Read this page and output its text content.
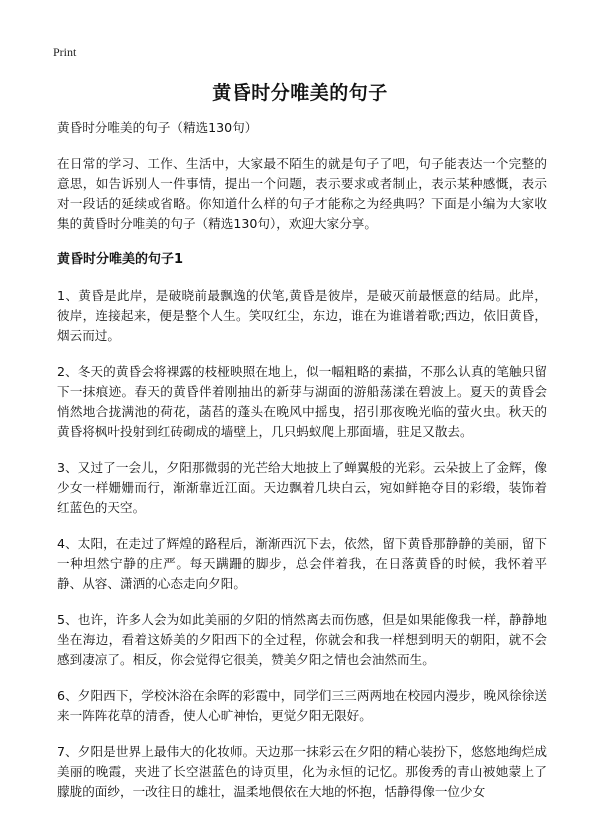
Print
黄昏时分唯美的句子

黄昏时分唯美的句子（精选130句）

在日常的学习、工作、生活中，大家最不陌生的就是句子了吧，句子能表达一个完整的意思，如告诉别人一件事情，提出一个问题，表示要求或者制止，表示某种感慨，表示对一段话的延续或省略。你知道什么样的句子才能称之为经典吗？下面是小编为大家收集的黄昏时分唯美的句子（精选130句），欢迎大家分享。

黄昏时分唯美的句子1

1、黄昏是此岸，是破晓前最飘逸的伏笔,黄昏是彼岸，是破灭前最惬意的结局。此岸，彼岸，连接起来，便是整个人生。笑叹红尘，东边，谁在为谁谱着歌;西边，依旧黄昏，烟云而过。

2、冬天的黄昏会将裸露的枝桠映照在地上，似一幅粗略的素描，不那么认真的笔触只留下一抹痕迹。春天的黄昏伴着刚抽出的新芽与湖面的游船荡漾在碧波上。夏天的黄昏会悄然地合拢满池的荷花，菡萏的蓬头在晚风中摇曳，招引那夜晚光临的萤火虫。秋天的黄昏将枫叶投射到红砖砌成的墙壁上，几只蚂蚁爬上那面墙，驻足又散去。

3、又过了一会儿，夕阳那微弱的光芒给大地披上了蝉翼般的光彩。云朵披上了金辉，像少女一样姗姗而行，渐渐靠近江面。天边飘着几块白云，宛如鲜艳夺目的彩缎，装饰着红蓝色的天空。

4、太阳，在走过了辉煌的路程后，渐渐西沉下去，依然，留下黄昏那静静的美丽，留下一种坦然宁静的庄严。每天蹒跚的脚步，总会伴着我，在日落黄昏的时候，我怀着平静、从容、潇洒的心态走向夕阳。

5、也许，许多人会为如此美丽的夕阳的悄然离去而伤感，但是如果能像我一样，静静地坐在海边，看着这娇美的夕阳西下的全过程，你就会和我一样想到明天的朝阳，就不会感到凄凉了。相反，你会觉得它很美，赞美夕阳之情也会油然而生。

6、夕阳西下，学校沐浴在余晖的彩霞中，同学们三三两两地在校园内漫步，晚风徐徐送来一阵阵花草的清香，使人心旷神怡，更觉夕阳无限好。

7、夕阳是世界上最伟大的化妆师。天边那一抹彩云在夕阳的精心装扮下，悠悠地绚烂成美丽的晚霞，夹进了长空湛蓝色的诗页里，化为永恒的记忆。那俊秀的青山被她蒙上了朦胧的面纱，一改往日的雄壮，温柔地偎依在大地的怀抱，恬静得像一位少女
